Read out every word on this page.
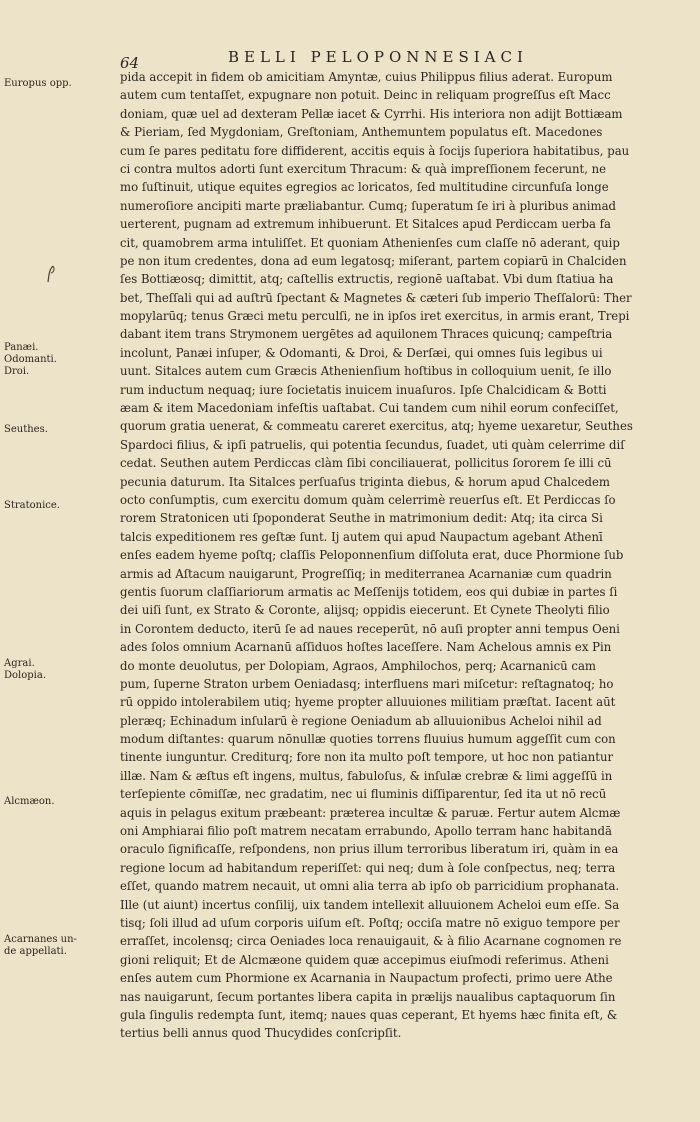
64	BELLI PELOPONNESIACI
Europus opp.
Panæi.
Odomanti.
Droi.
Seuthes.
Stratonice.
Agrai.
Dolopia.
Alcmæon.
Acarnanes un-
de appellati.
pida accepit in fidem ob amicitiam Amyntæ, cuius Philippus filius aderat. Europum
autem cum tentaſſet, expugnare non potuit. Deinc in reliquam progreſſus eſt Macc
doniam, quæ uel ad dexteram Pellæ iacet & Cyrrhi. His interiora non adijt Bottiæam
& Pieriam, ſed Mygdoniam, Greſtoniam, Anthemuntem populatus eſt. Macedones
cum ſe pares peditatu fore diffiderent, accitis equis à ſocijs ſuperiora habitatibus, pau
ci contra multos adorti ſunt exercitum Thracum: & quà impreſſionem fecerunt, ne
mo ſuſtinuit, utique equites egregios ac loricatos, ſed multitudine circunfuſa longe
numeroſiore ancipiti marte præliabantur. Cumq; ſuperatum ſe iri à pluribus animad
uerterent, pugnam ad extremum inhibuerunt. Et Sitalces apud Perdiccam uerba fa
cit, quamobrem arma intuliſſet. Et quoniam Athenienſes cum claſſe nō aderant, quip
pe non itum credentes, dona ad eum legatosq; miſerant, partem copiarū in Chalciden
ſes Bottiæosq; dimittit, atq; caſtellis extructis, regionē uaſtabat. Vbi dum ſtatiua ha
bet, Theſſali qui ad auſtrū ſpectant & Magnetes & cæteri ſub imperio Theſſalorū: Ther
mopylarūq; tenus Græci metu perculſi, ne in ipſos iret exercitus, in armis erant, Trepi
dabant item trans Strymonem uergētes ad aquilonem Thraces quicunq; campeſtria
incolunt, Panæi inſuper, & Odomanti, & Droi, & Derſæi, qui omnes ſuis legibus ui
uunt. Sitalces autem cum Græcis Athenienſium hoſtibus in colloquium uenit, ſe illo
rum inductum nequaq; iure ſocietatis inuicem inuaſuros. Ipſe Chalcidicam & Botti
æam & item Macedoniam infeſtis uaſtabat. Cui tandem cum nihil eorum confeciſſet,
quorum gratia uenerat, & commeatu careret exercitus, atq; hyeme uexaretur, Seuthes
Spardoci filius, & ipſi patruelis, qui potentia ſecundus, ſuadet, uti quàm celerrime diſ
cedat. Seuthen autem Perdiccas clàm ſibi conciliauerat, pollicitus ſororem ſe illi cū
pecunia daturum. Ita Sitalces perſuaſus triginta diebus, & horum apud Chalcedem
octo conſumptis, cum exercitu domum quàm celerrimè reuerſus eſt. Et Perdiccas ſo
rorem Stratonicen uti ſpoponderat Seuthe in matrimonium dedit: Atq; ita circa Si
talcis expeditionem res geſtæ ſunt. Ij autem qui apud Naupactum agebant Athenī
enſes eadem hyeme poſtq; claſſis Peloponnenſium diſſoluta erat, duce Phormione ſub
armis ad Aſtacum nauigarunt, Progreſſiq; in mediterranea Acarnaniæ cum quadrin
gentis ſuorum claſſiariorum armatis ac Meſſenijs totidem, eos qui dubiæ in partes ſi
dei uiſi ſunt, ex Strato & Coronte, alijsq; oppidis eiecerunt. Et Cynete Theolyti filio
in Corontem deducto, iterū ſe ad naues receperūt, nō auſi propter anni tempus Oeni
ades ſolos omnium Acarnanū aſſiduos hoſtes laceſſere. Nam Achelous amnis ex Pin
do monte deuolutus, per Dolopiam, Agraos, Amphilochos, perq; Acarnanicū cam
pum, ſuperne Straton urbem Oeniadasq; interfluens mari miſcetur: reſtagnatoq; ho
rū oppido intolerabilem utiq; hyeme propter alluuiones militiam præſtat. Iacent aūt
pleræq; Echinadum inſularū è regione Oeniadum ab alluuionibus Acheloi nihil ad
modum diſtantes: quarum nōnullæ quoties torrens fluuius humum aggeſſit cum con
tinente iunguntur. Crediturq; fore non ita multo poſt tempore, ut hoc non patiantur
illæ. Nam & æſtus eſt ingens, multus, fabuloſus, & inſulæ crebræ & limi aggeſſū in
terſepiente cōmiſſæ, nec gradatim, nec ui fluminis diſſiparentur, ſed ita ut nō recū
aquis in pelagus exitum præbeant: præterea incultæ & paruæ. Fertur autem Alcmæ
oni Amphiarai filio poſt matrem necatam errabundo, Apollo terram hanc habitandā
oraculo ſignificaſſe, reſpondens, non prius illum terroribus liberatum iri, quàm in ea
regione locum ad habitandum reperiſſet: qui neq; dum à ſole conſpectus, neq; terra
eſſet, quando matrem necauit, ut omni alia terra ab ipſo ob parricidium prophanata.
Ille (ut aiunt) incertus conſilij, uix tandem intellexit alluuionem Acheloi eum eſſe. Sa
tisq; ſoli illud ad uſum corporis uiſum eſt. Poſtq; occiſa matre nō exiguo tempore per
erraſſet, incolensq; circa Oeniades loca renauigauit, & à filio Acarnane cognomen re
gioni reliquit; Et de Alcmæone quidem quæ accepimus eiuſmodi referimus. Atheni
enſes autem cum Phormione ex Acarnania in Naupactum profecti, primo uere Athe
nas nauigarunt, ſecum portantes libera capita in prælijs naualibus captaquorum ſin
gula ſingulis redempta ſunt, itemq; naues quas ceperant, Et hyems hæc finita eſt, &
tertius belli annus quod Thucydides conſcripſit.
